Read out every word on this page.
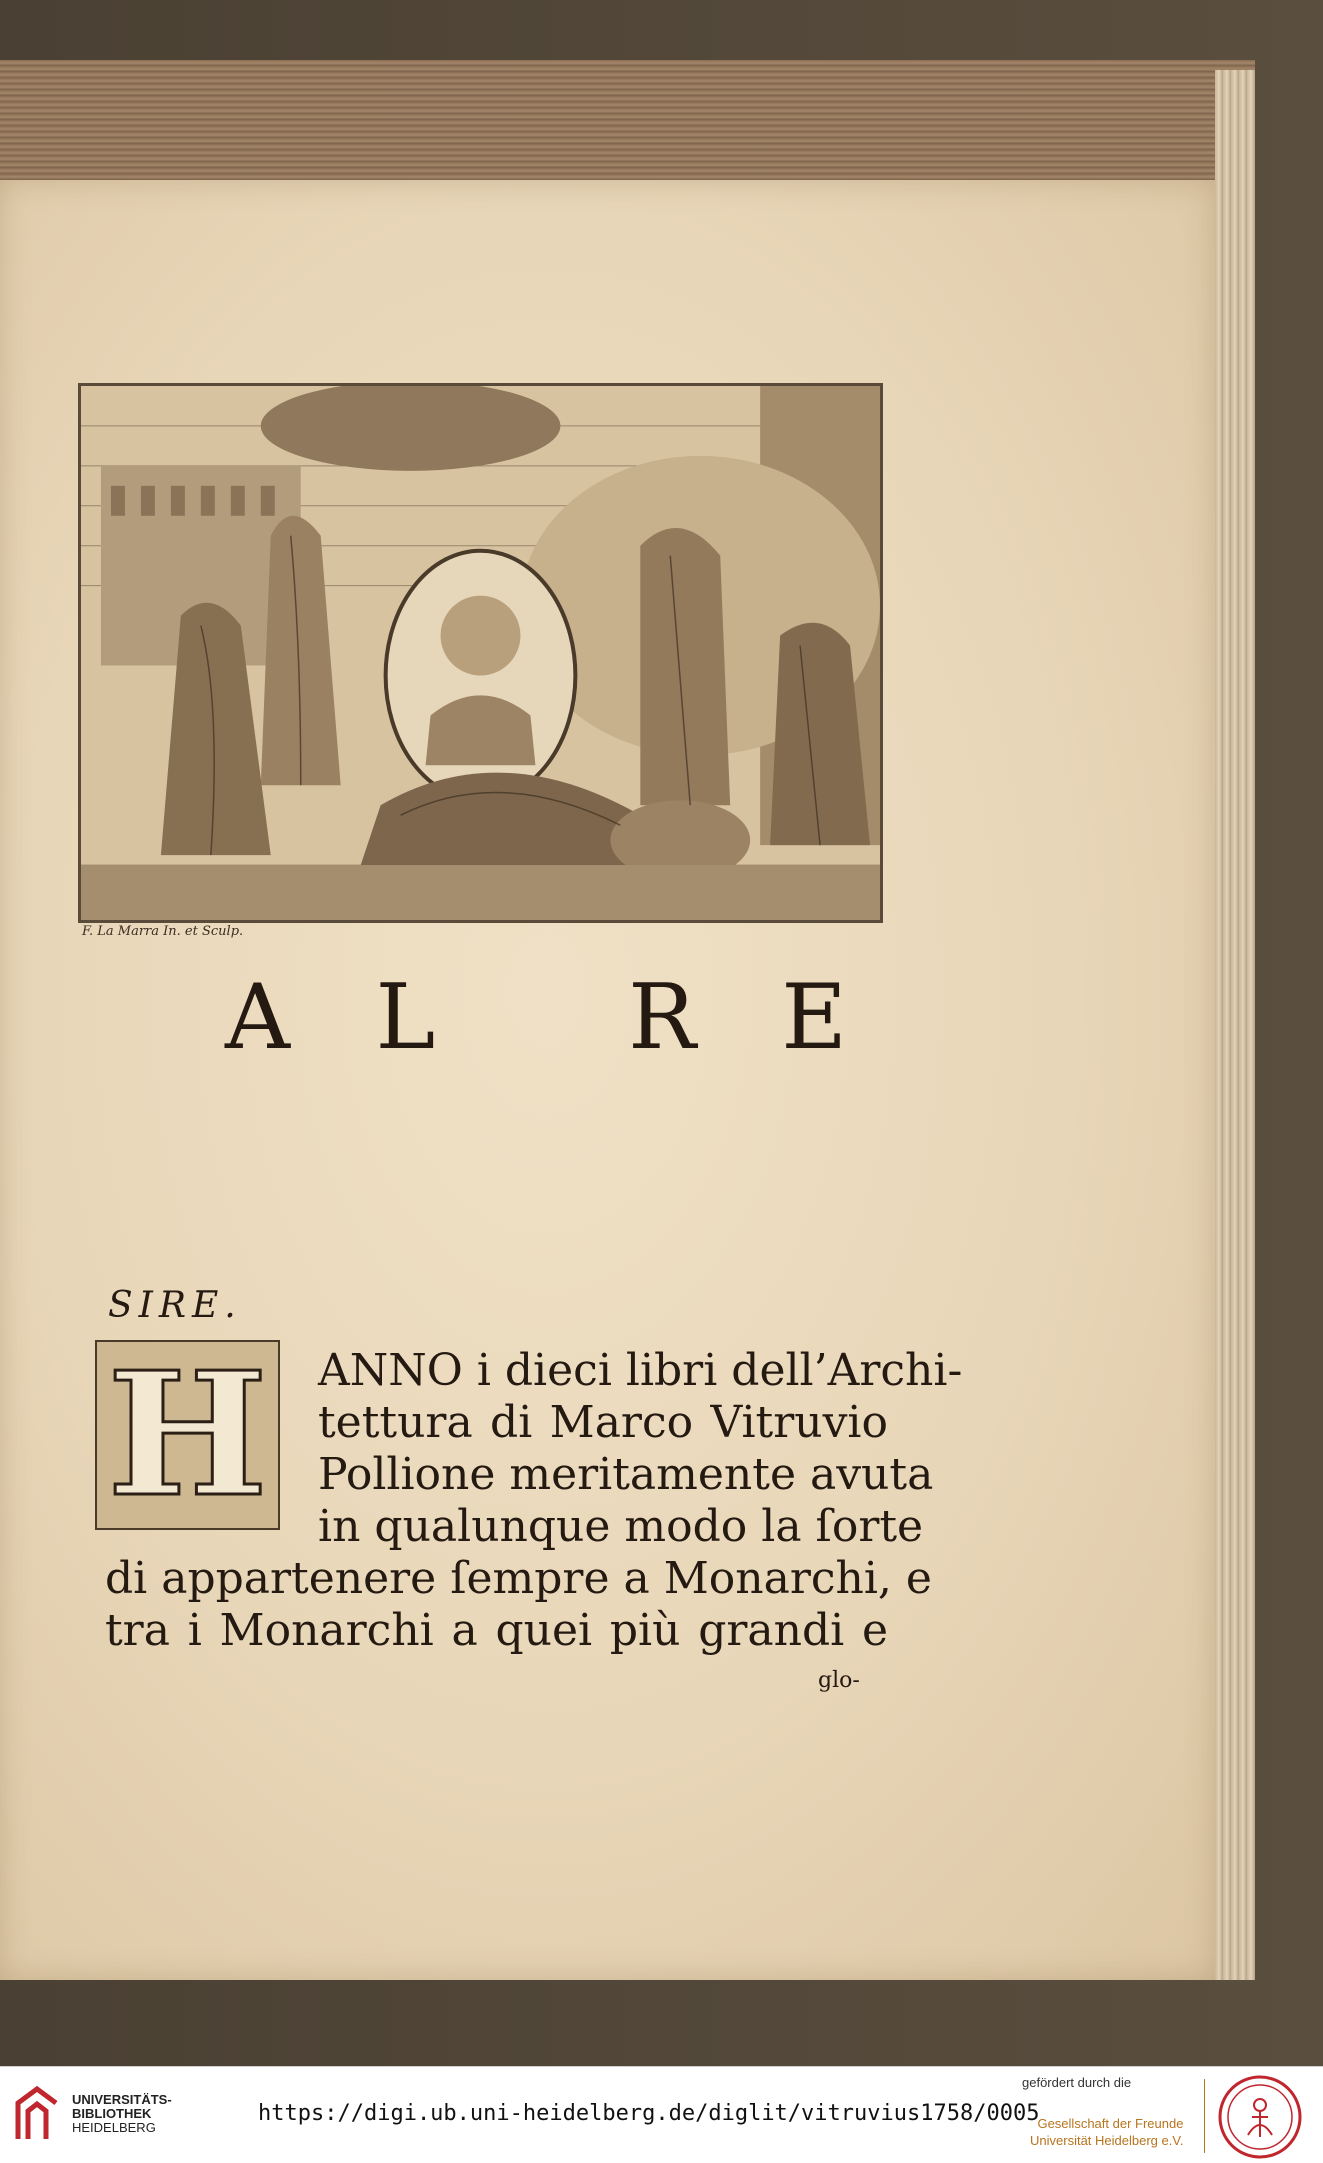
F. La Marra In. et Sculp.
A L R E
SIRE.
H ANNO i dieci libri dell’Archi-
tettura di Marco Vitruvio
Pollione meritamente avuta
in qualunque modo la ſorte
di appartenere ſempre a Monarchi, e
tra i Monarchi a quei più grandi e
glo-
UNIVERSITÄTS-
BIBLIOTHEK
HEIDELBERG
https://digi.ub.uni-heidelberg.de/diglit/vitruvius1758/0005
gefördert durch die
Gesellschaft der Freunde
Universität Heidelberg e.V.
